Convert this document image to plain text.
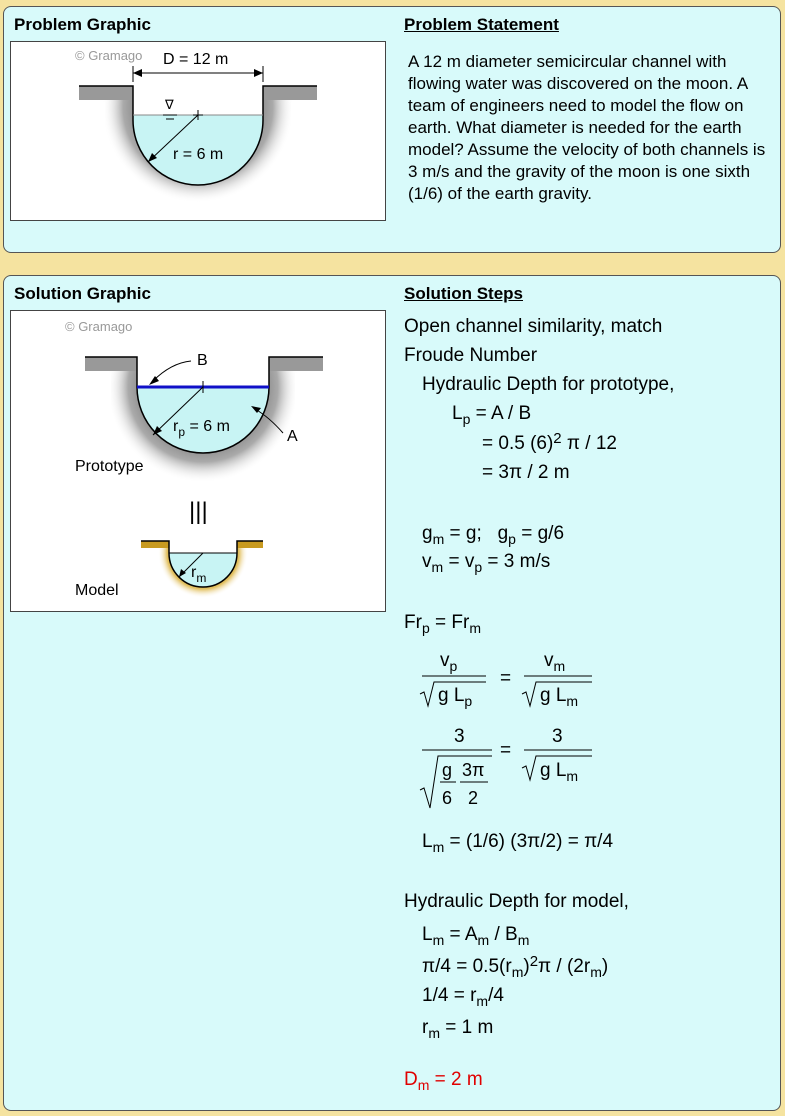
Problem Graphic	Problem Statement
∇
© Gramago D = 12 m
r = 6 m
A 12 m diameter semicircular channel with flowing water was discovered on the moon. A team of engineers need to model the flow on earth. What diameter is needed for the earth model? Assume the velocity of both channels is 3 m/s and the gravity of the moon is one sixth (1/6) of the earth gravity.
Solution Graphic	Solution Steps
© Gramago
B
A
$r_p = 6$ m
Prototype
|||
$r_m$
Model
Open channel similarity, match
Froude Number
Hydraulic Depth for prototype,
$L_p = A / B$
= 0.5 $(6)^2$ π / 12
= 3π / 2 m
$g_m = g$;   $g_p = g/6$
$v_m = v_p = 3$ m/s
$Fr_p = Fr_m$
$v_p$
g $L_p$
=
$v_m$
g $L_m$
3
g
6
3π
2
=
3
g $L_m$
$L_m = (1/6) (3\pi/2) = \pi/4$
Hydraulic Depth for model,
$L_m = A_m / B_m$
$\pi/4 = 0.5(r_m)^2\pi / (2r_m)$
$1/4 = r_m/4$
$r_m = 1$ m
$D_m = 2$ m
